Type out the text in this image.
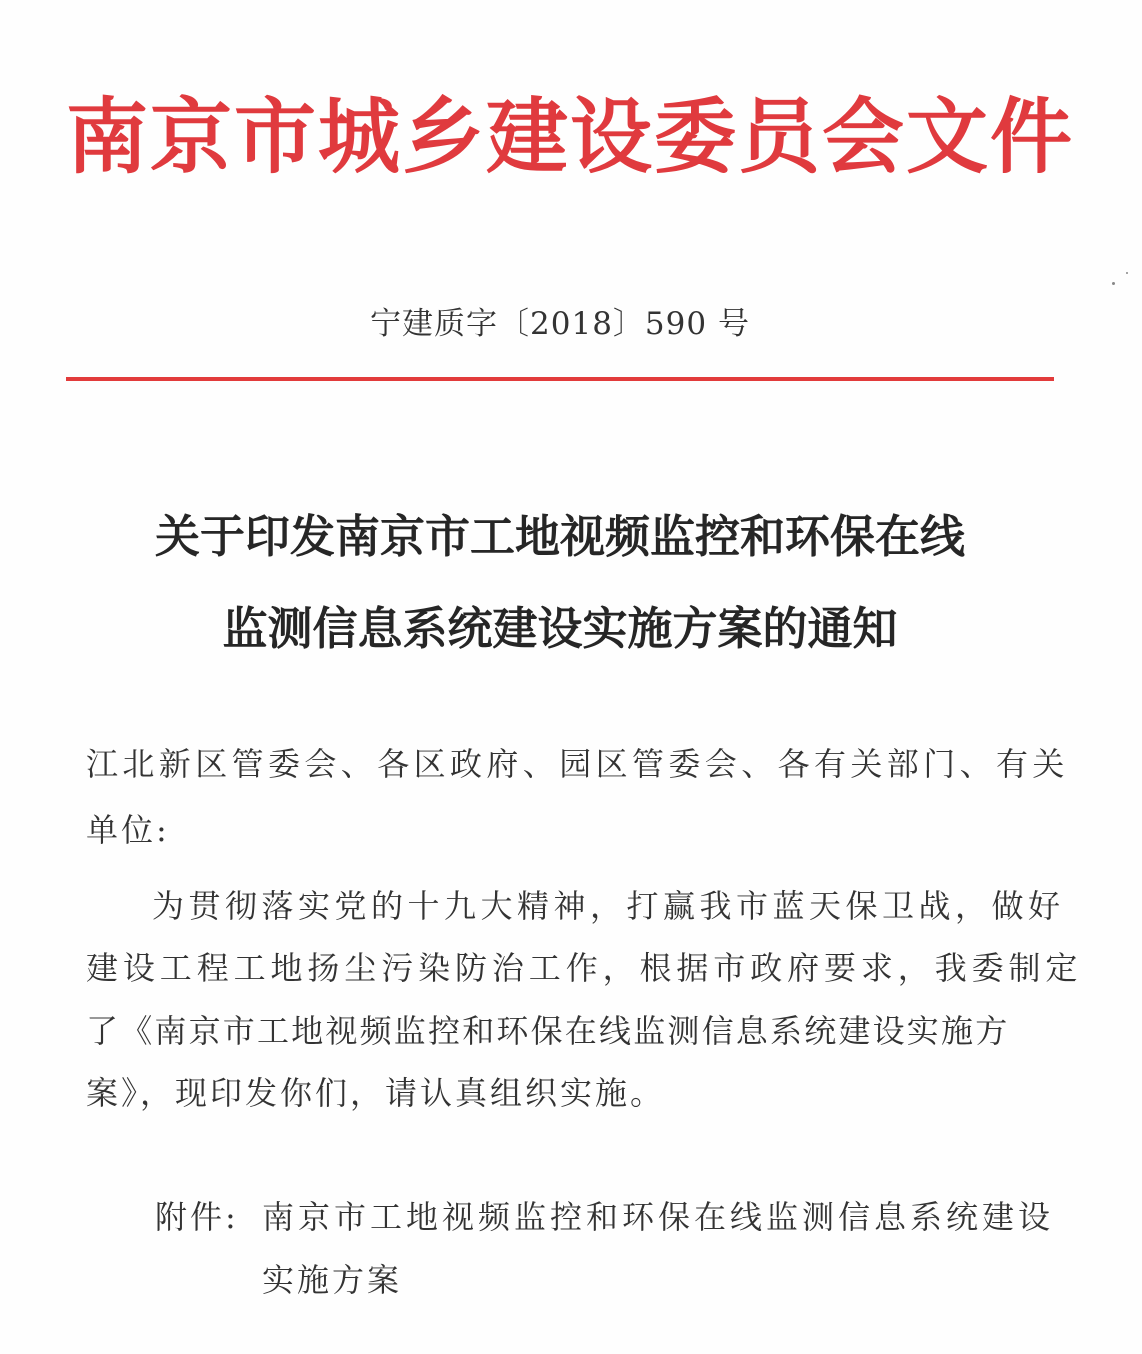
南京市城乡建设委员会文件
宁建质字〔2018〕590 号
关于印发南京市工地视频监控和环保在线
监测信息系统建设实施方案的通知
江北新区管委会、各区政府、园区管委会、各有关部门、有关
单位:
为贯彻落实党的十九大精神，打赢我市蓝天保卫战，做好
建设工程工地扬尘污染防治工作，根据市政府要求，我委制定
了《南京市工地视频监控和环保在线监测信息系统建设实施方
案》，现印发你们，请认真组织实施。
附件: 南京市工地视频监控和环保在线监测信息系统建设
实施方案
